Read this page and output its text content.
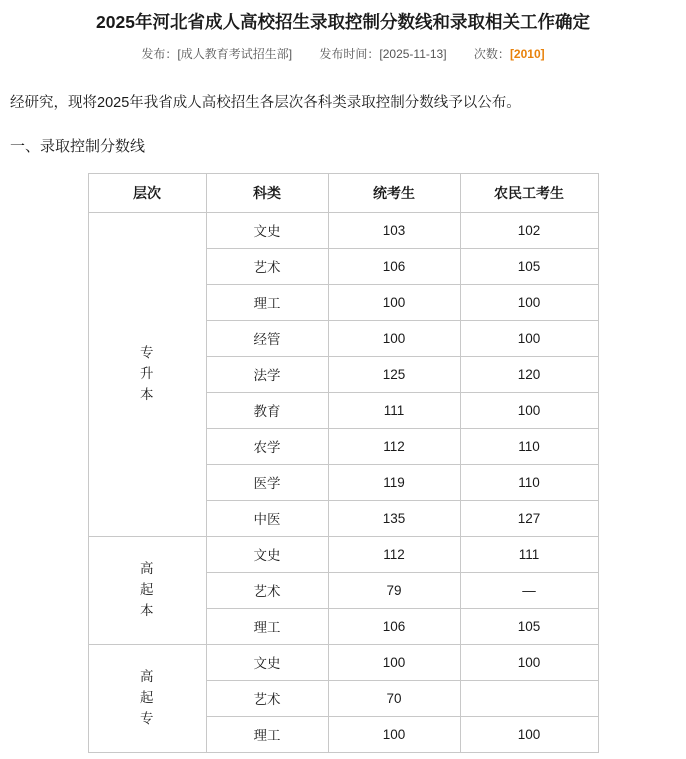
2025年河北省成人高校招生录取控制分数线和录取相关工作确定
发布：[成人教育考试招生部] 发布时间：[2025-11-13] 次数：[2010]
经研究，现将2025年我省成人高校招生各层次各科类录取控制分数线予以公布。
一、录取控制分数线
层次	科类	统考生	农民工考生

专
升
本	文史	103	102
	艺术	106	105
	理工	100	100
	经管	100	100
	法学	125	120
	教育	111	100
	农学	112	110
	医学	119	110
	中医	135	127

高
起
本	文史	112	111
	艺术	79	—
	理工	106	105

高
起
专	文史	100	100
	艺术	70	
	理工	100	100
